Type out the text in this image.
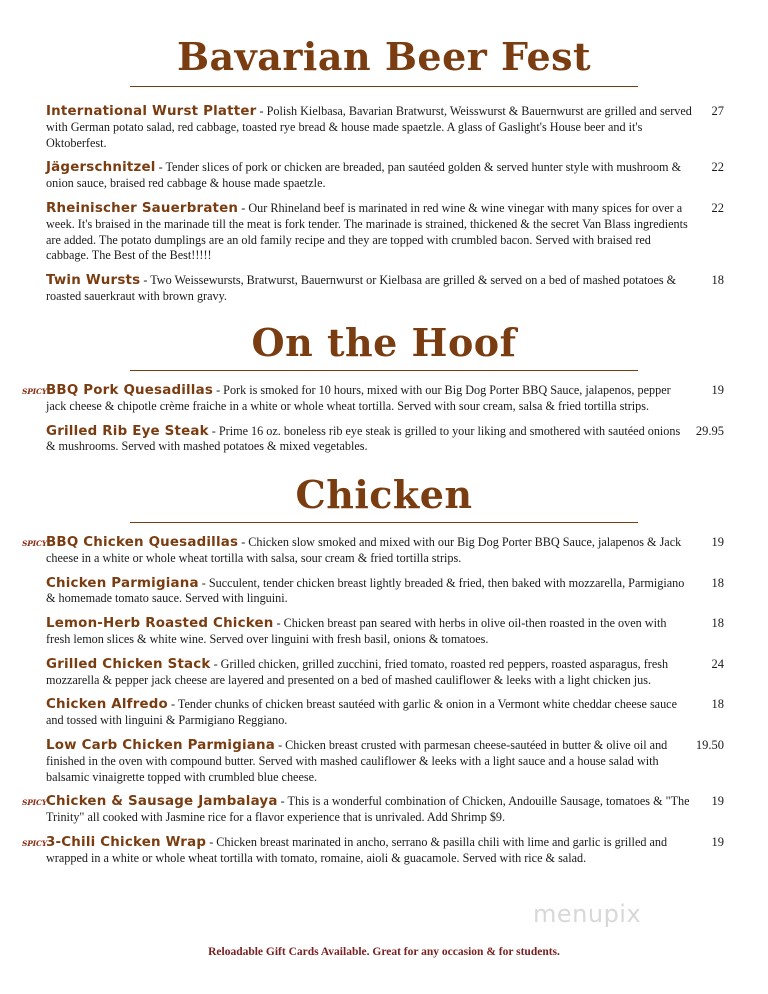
Bavarian Beer Fest
International Wurst Platter - Polish Kielbasa, Bavarian Bratwurst, Weisswurst & Bauernwurst are grilled and served with German potato salad, red cabbage, toasted rye bread & house made spaetzle. A glass of Gaslight's House beer and it's Oktoberfest.
27
Jägerschnitzel - Tender slices of pork or chicken are breaded, pan sautéed golden & served hunter style with mushroom & onion sauce, braised red cabbage & house made spaetzle.
22
Rheinischer Sauerbraten - Our Rhineland beef is marinated in red wine & wine vinegar with many spices for over a week. It's braised in the marinade till the meat is fork tender. The marinade is strained, thickened & the secret Van Blass ingredients are added. The potato dumplings are an old family recipe and they are topped with crumbled bacon. Served with braised red cabbage. The Best of the Best!!!!!
22
Twin Wursts - Two Weissewursts, Bratwurst, Bauernwurst or Kielbasa are grilled & served on a bed of mashed potatoes & roasted sauerkraut with brown gravy.
18
On the Hoof
SPICY BBQ Pork Quesadillas - Pork is smoked for 10 hours, mixed with our Big Dog Porter BBQ Sauce, jalapenos, pepper jack cheese & chipotle crème fraiche in a white or whole wheat tortilla. Served with sour cream, salsa & fried tortilla strips.
19
Grilled Rib Eye Steak - Prime 16 oz. boneless rib eye steak is grilled to your liking and smothered with sautéed onions & mushrooms. Served with mashed potatoes & mixed vegetables.
29.95
Chicken
SPICY BBQ Chicken Quesadillas - Chicken slow smoked and mixed with our Big Dog Porter BBQ Sauce, jalapenos & Jack cheese in a white or whole wheat tortilla with salsa, sour cream & fried tortilla strips.
19
Chicken Parmigiana - Succulent, tender chicken breast lightly breaded & fried, then baked with mozzarella, Parmigiano & homemade tomato sauce. Served with linguini.
18
Lemon-Herb Roasted Chicken - Chicken breast pan seared with herbs in olive oil-then roasted in the oven with fresh lemon slices & white wine. Served over linguini with fresh basil, onions & tomatoes.
18
Grilled Chicken Stack - Grilled chicken, grilled zucchini, fried tomato, roasted red peppers, roasted asparagus, fresh mozzarella & pepper jack cheese are layered and presented on a bed of mashed cauliflower & leeks with a light chicken jus.
24
Chicken Alfredo - Tender chunks of chicken breast sautéed with garlic & onion in a Vermont white cheddar cheese sauce and tossed with linguini & Parmigiano Reggiano.
18
Low Carb Chicken Parmigiana - Chicken breast crusted with parmesan cheese-sautéed in butter & olive oil and finished in the oven with compound butter. Served with mashed cauliflower & leeks with a light sauce and a house salad with balsamic vinaigrette topped with crumbled blue cheese.
19.50
SPICY Chicken & Sausage Jambalaya - This is a wonderful combination of Chicken, Andouille Sausage, tomatoes & "The Trinity" all cooked with Jasmine rice for a flavor experience that is unrivaled. Add Shrimp $9.
19
SPICY 3-Chili Chicken Wrap - Chicken breast marinated in ancho, serrano & pasilla chili with lime and garlic is grilled and wrapped in a white or whole wheat tortilla with tomato, romaine, aioli & guacamole. Served with rice & salad.
19
menupix
Reloadable Gift Cards Available. Great for any occasion & for students.
